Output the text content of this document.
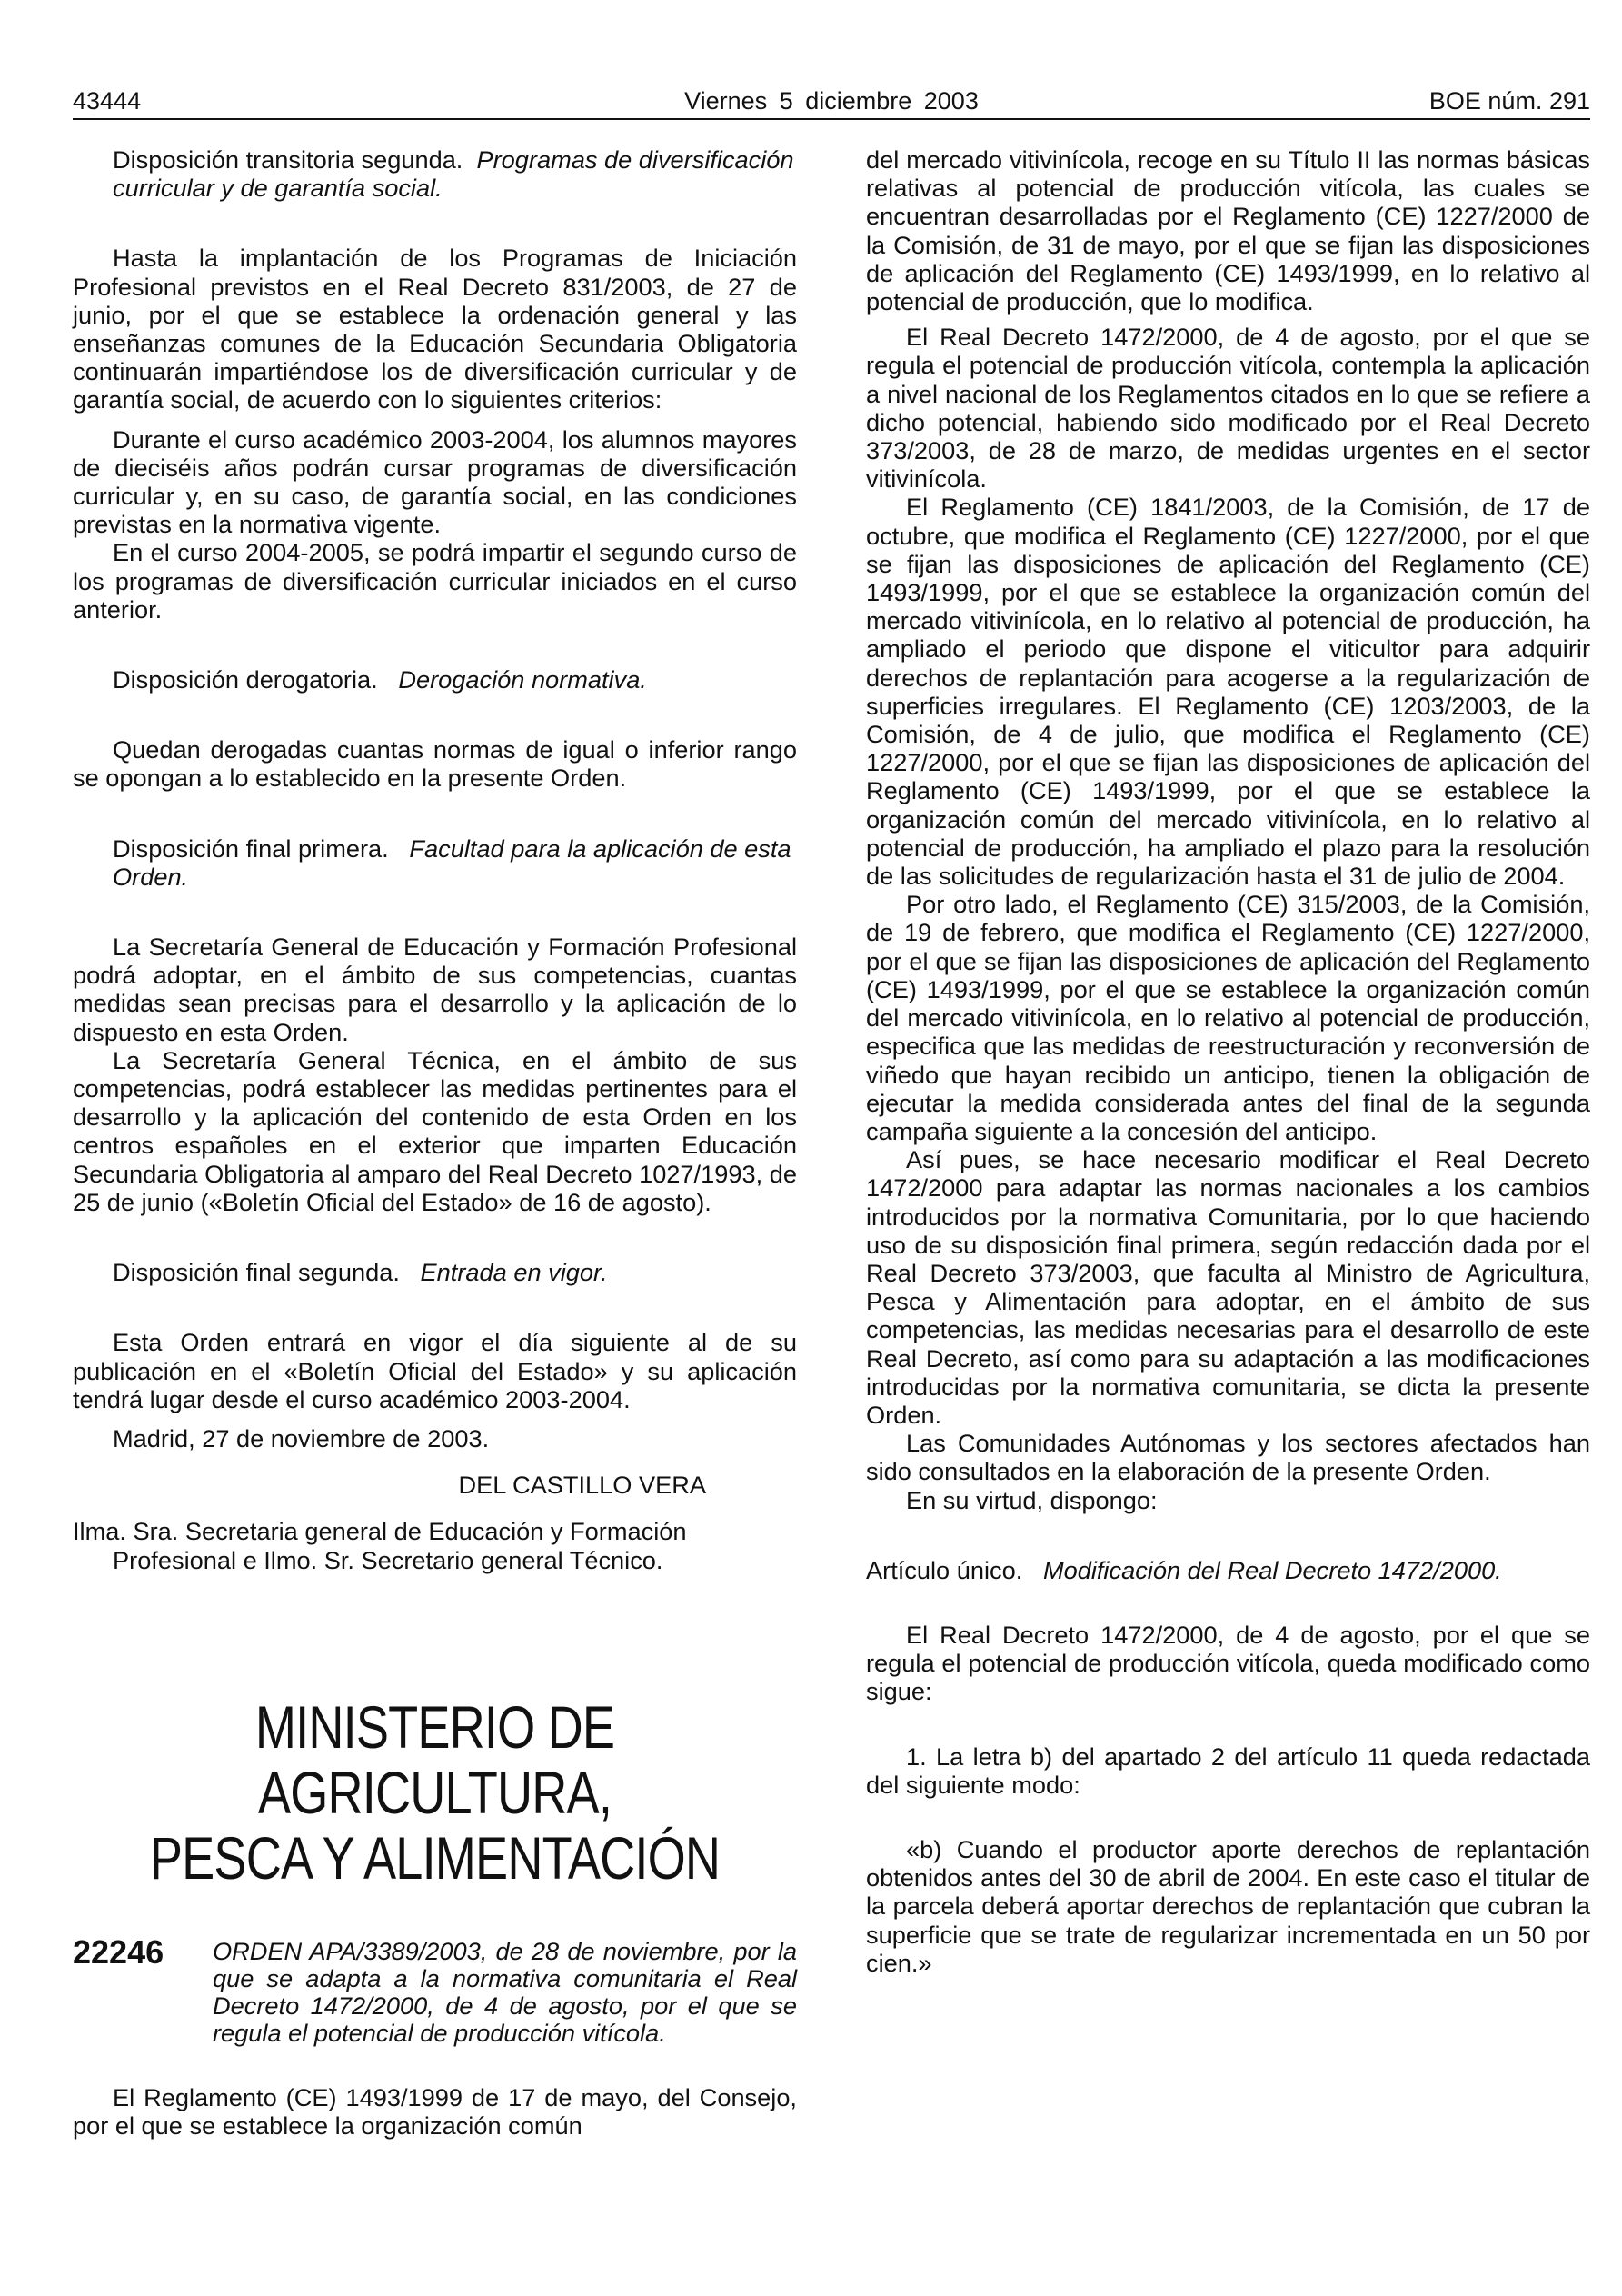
43444	Viernes 5 diciembre 2003	BOE núm. 291

Disposición transitoria segunda. Programas de diversificación curricular y de garantía social.

Hasta la implantación de los Programas de Iniciación Profesional previstos en el Real Decreto 831/2003, de 27 de junio, por el que se establece la ordenación general y las enseñanzas comunes de la Educación Secundaria Obligatoria continuarán impartiéndose los de diversificación curricular y de garantía social, de acuerdo con lo siguientes criterios:

Durante el curso académico 2003-2004, los alumnos mayores de dieciséis años podrán cursar programas de diversificación curricular y, en su caso, de garantía social, en las condiciones previstas en la normativa vigente.

En el curso 2004-2005, se podrá impartir el segundo curso de los programas de diversificación curricular iniciados en el curso anterior.

Disposición derogatoria. Derogación normativa.

Quedan derogadas cuantas normas de igual o inferior rango se opongan a lo establecido en la presente Orden.

Disposición final primera. Facultad para la aplicación de esta Orden.

La Secretaría General de Educación y Formación Profesional podrá adoptar, en el ámbito de sus competencias, cuantas medidas sean precisas para el desarrollo y la aplicación de lo dispuesto en esta Orden.

La Secretaría General Técnica, en el ámbito de sus competencias, podrá establecer las medidas pertinentes para el desarrollo y la aplicación del contenido de esta Orden en los centros españoles en el exterior que imparten Educación Secundaria Obligatoria al amparo del Real Decreto 1027/1993, de 25 de junio («Boletín Oficial del Estado» de 16 de agosto).

Disposición final segunda. Entrada en vigor.

Esta Orden entrará en vigor el día siguiente al de su publicación en el «Boletín Oficial del Estado» y su aplicación tendrá lugar desde el curso académico 2003-2004.

Madrid, 27 de noviembre de 2003.

DEL CASTILLO VERA

Ilma. Sra. Secretaria general de Educación y Formación Profesional e Ilmo. Sr. Secretario general Técnico.

MINISTERIO DE AGRICULTURA,
PESCA Y ALIMENTACIÓN
22246 ORDEN APA/3389/2003, de 28 de noviembre, por la que se adapta a la normativa comunitaria el Real Decreto 1472/2000, de 4 de agosto, por el que se regula el potencial de producción vitícola.

El Reglamento (CE) 1493/1999 de 17 de mayo, del Consejo, por el que se establece la organización común

del mercado vitivinícola, recoge en su Título II las normas básicas relativas al potencial de producción vitícola, las cuales se encuentran desarrolladas por el Reglamento (CE) 1227/2000 de la Comisión, de 31 de mayo, por el que se fijan las disposiciones de aplicación del Reglamento (CE) 1493/1999, en lo relativo al potencial de producción, que lo modifica.

El Real Decreto 1472/2000, de 4 de agosto, por el que se regula el potencial de producción vitícola, contempla la aplicación a nivel nacional de los Reglamentos citados en lo que se refiere a dicho potencial, habiendo sido modificado por el Real Decreto 373/2003, de 28 de marzo, de medidas urgentes en el sector vitivinícola.

El Reglamento (CE) 1841/2003, de la Comisión, de 17 de octubre, que modifica el Reglamento (CE) 1227/2000, por el que se fijan las disposiciones de aplicación del Reglamento (CE) 1493/1999, por el que se establece la organización común del mercado vitivinícola, en lo relativo al potencial de producción, ha ampliado el periodo que dispone el viticultor para adquirir derechos de replantación para acogerse a la regularización de superficies irregulares. El Reglamento (CE) 1203/2003, de la Comisión, de 4 de julio, que modifica el Reglamento (CE) 1227/2000, por el que se fijan las disposiciones de aplicación del Reglamento (CE) 1493/1999, por el que se establece la organización común del mercado vitivinícola, en lo relativo al potencial de producción, ha ampliado el plazo para la resolución de las solicitudes de regularización hasta el 31 de julio de 2004.

Por otro lado, el Reglamento (CE) 315/2003, de la Comisión, de 19 de febrero, que modifica el Reglamento (CE) 1227/2000, por el que se fijan las disposiciones de aplicación del Reglamento (CE) 1493/1999, por el que se establece la organización común del mercado vitivinícola, en lo relativo al potencial de producción, especifica que las medidas de reestructuración y reconversión de viñedo que hayan recibido un anticipo, tienen la obligación de ejecutar la medida considerada antes del final de la segunda campaña siguiente a la concesión del anticipo.

Así pues, se hace necesario modificar el Real Decreto 1472/2000 para adaptar las normas nacionales a los cambios introducidos por la normativa Comunitaria, por lo que haciendo uso de su disposición final primera, según redacción dada por el Real Decreto 373/2003, que faculta al Ministro de Agricultura, Pesca y Alimentación para adoptar, en el ámbito de sus competencias, las medidas necesarias para el desarrollo de este Real Decreto, así como para su adaptación a las modificaciones introducidas por la normativa comunitaria, se dicta la presente Orden.

Las Comunidades Autónomas y los sectores afectados han sido consultados en la elaboración de la presente Orden.

En su virtud, dispongo:

Artículo único. Modificación del Real Decreto 1472/2000.

El Real Decreto 1472/2000, de 4 de agosto, por el que se regula el potencial de producción vitícola, queda modificado como sigue:

1. La letra b) del apartado 2 del artículo 11 queda redactada del siguiente modo:

«b) Cuando el productor aporte derechos de replantación obtenidos antes del 30 de abril de 2004. En este caso el titular de la parcela deberá aportar derechos de replantación que cubran la superficie que se trate de regularizar incrementada en un 50 por cien.»
